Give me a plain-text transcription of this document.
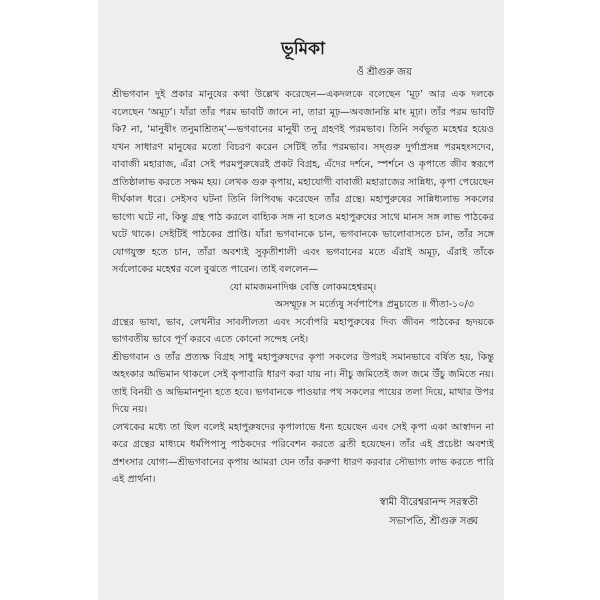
ভূমিকা
ওঁ শ্রীগুরু জয়

শ্রীভগবান দুই প্রকার মানুষের কথা উল্লেখ করেছেন—একদলকে বলেছেন ‘মূঢ়’ আর এক দলকে বলেছেন ‘অমূঢ়’। যাঁরা তাঁর পরম ভাবটি জানে না, তারা মূঢ়—অবজানন্তি মাং মূঢ়া। তাঁর পরম ভাবটি কি? না, ‘মানুষীং তনুমাশ্রিতম্’—ভগবানের মানুষী তনু গ্রহণই পরমভাব। তিনি সর্বভূত মহেশ্বর হয়েও যখন সাধারণ মানুষের মতো বিচরণ করেন সেটিই তাঁর পরমভাব। সদ্গুরু দুর্গাপ্রসন্ন পরমহংসদেব, বাবাজী মহারাজ, এঁরা সেই পরমপুরুষেরই প্রকট বিগ্রহ, এঁদের দর্শনে, স্পর্শনে ও কৃপাতে জীব স্বরূপে প্রতিষ্ঠালাভ করতে সক্ষম হয়। লেখক গুরু কৃপায়, মহাযোগী বাবাজী মহারাজের সান্নিধ্য, কৃপা পেয়েছেন দীর্ঘকাল ধরে। সেইসব ঘটনা তিনি লিপিবদ্ধ করেছেন তাঁর গ্রন্থে। মহাপুরুষের সান্নিধ্যলাভ সকলের ভাগ্যে ঘটে না, কিন্তু গ্রন্থ পাঠ করলে বাহ্যিক সঙ্গ না হলেও মহাপুরুষের সাথে মানস সঙ্গ লাভ পাঠকের ঘটে থাকে। সেইটিই পাঠকের প্রাপ্তি। যাঁরা ভগবানকে চান, ভগবানকে ভালোবাসতে চান, তাঁর সঙ্গে যোগযুক্ত হতে চান, তাঁরা অবশ্যই সুকৃতীশালী এবং ভগবানের মতে এঁরাই অমূঢ়, এঁরাই তাঁকে সর্বলোকের মহেশ্বর বলে বুঝতে পারেন। তাই বললেন—

যো মামজমনাদিঞ্চ বেত্তি লোকমহেশ্বরম্।

অসম্মূঢ়ঃ স মর্ত্যেষু সর্বপাপৈঃ প্রমুচ্যতে ॥ গীতা-১০/৩

গ্রন্থের ভাষা, ভাব, লেখনীর সাবলীলতা এবং সর্বোপরি মহাপুরুষের দিব্য জীবন পাঠকের হৃদয়কে ভাগবতীয় ভাবে পূর্ণ করবে এতে কোনো সন্দেহ নেই।

শ্রীভগবান ও তাঁর প্রত্যক্ষ বিগ্রহ সাধু মহাপুরুষদের কৃপা সকলের উপরই সমানভাবে বর্ষিত হয়, কিন্তু অহংকার অভিমান থাকলে সেই কৃপাবারি ধারণ করা যায় না। নীচু জমিতেই জল জমে উঁচু জমিতে নয়। তাই বিনয়ী ও অভিমানশূন্য হতে হবে। ভগবানকে পাওয়ার পথ সকলের পায়ের তলা দিয়ে, মাথার উপর দিয়ে নয়।

লেখকের মধ্যে তা ছিল বলেই মহাপুরুষদের কৃপালাভে ধন্য হয়েছেন এবং সেই কৃপা একা আস্বাদন না করে গ্রন্থের মাধ্যমে ধর্মপিপাসু পাঠকদের পরিবেশন করতে ব্রতী হয়েছেন। তাঁর এই প্রচেষ্টা অবশ্যই প্রশংসার যোগ্য—শ্রীভগবানের কৃপায় আমরা যেন তাঁর করুণা ধারণ করবার সৌভাগ্য লাভ করতে পারি এই প্রার্থনা।

স্বামী বীরেশ্বরানন্দ সরস্বতী

সভাপতি, শ্রীগুরু সঙ্ঘ
